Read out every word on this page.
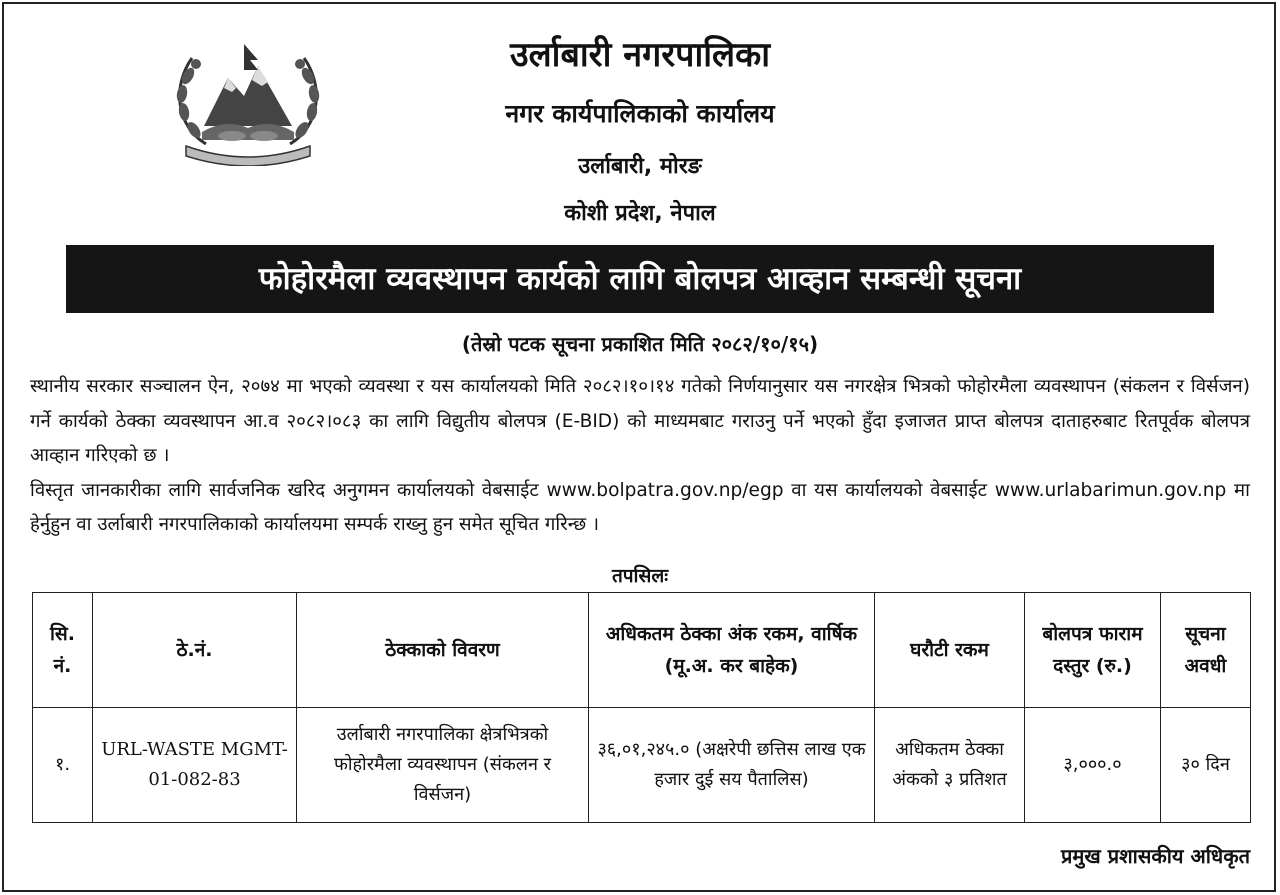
उर्लाबारी नगरपालिका
नगर कार्यपालिकाको कार्यालय
उर्लाबारी, मोरङ
कोशी प्रदेश, नेपाल
फोहोरमैला व्यवस्थापन कार्यको लागि बोलपत्र आव्हान सम्बन्धी सूचना
(तेस्रो पटक सूचना प्रकाशित मिति २०८२/१०/१५)

स्थानीय सरकार सञ्चालन ऐन, २०७४ मा भएको व्यवस्था र यस कार्यालयको मिति २०८२।१०।१४ गतेको निर्णयानुसार यस नगरक्षेत्र भित्रको फोहोरमैला व्यवस्थापन (संकलन र विर्सजन) गर्ने कार्यको ठेक्का व्यवस्थापन आ.व २०८२।०८३ का लागि विद्युतीय बोलपत्र (E-BID) को माध्यमबाट गराउनु पर्ने भएको हुँदा इजाजत प्राप्त बोलपत्र दाताहरुबाट रितपूर्वक बोलपत्र आव्हान गरिएको छ ।

विस्तृत जानकारीका लागि सार्वजनिक खरिद अनुगमन कार्यालयको वेबसाईट www.bolpatra.gov.np/egp वा यस कार्यालयको वेबसाईट www.urlabarimun.gov.np मा हेर्नुहुन वा उर्लाबारी नगरपालिकाको कार्यालयमा सम्पर्क राख्नु हुन समेत सूचित गरिन्छ ।

तपसिलः
सि. नं.	ठे.नं.	ठेक्काको विवरण	अधिकतम ठेक्का अंक रकम, वार्षिक (मू.अ. कर बाहेक)	घरौटी रकम	बोलपत्र फाराम दस्तुर (रु.)	सूचना अवधी
१.	URL-WASTE MGMT-01-082-83	उर्लाबारी नगरपालिका क्षेत्रभित्रको फोहोरमैला व्यवस्थापन (संकलन र विर्सजन)	३६,०१,२४५.० (अक्षरेपी छत्तिस लाख एक हजार दुई सय पैतालिस)	अधिकतम ठेक्का अंकको ३ प्रतिशत	३,०००.०	३० दिन
प्रमुख प्रशासकीय अधिकृत
